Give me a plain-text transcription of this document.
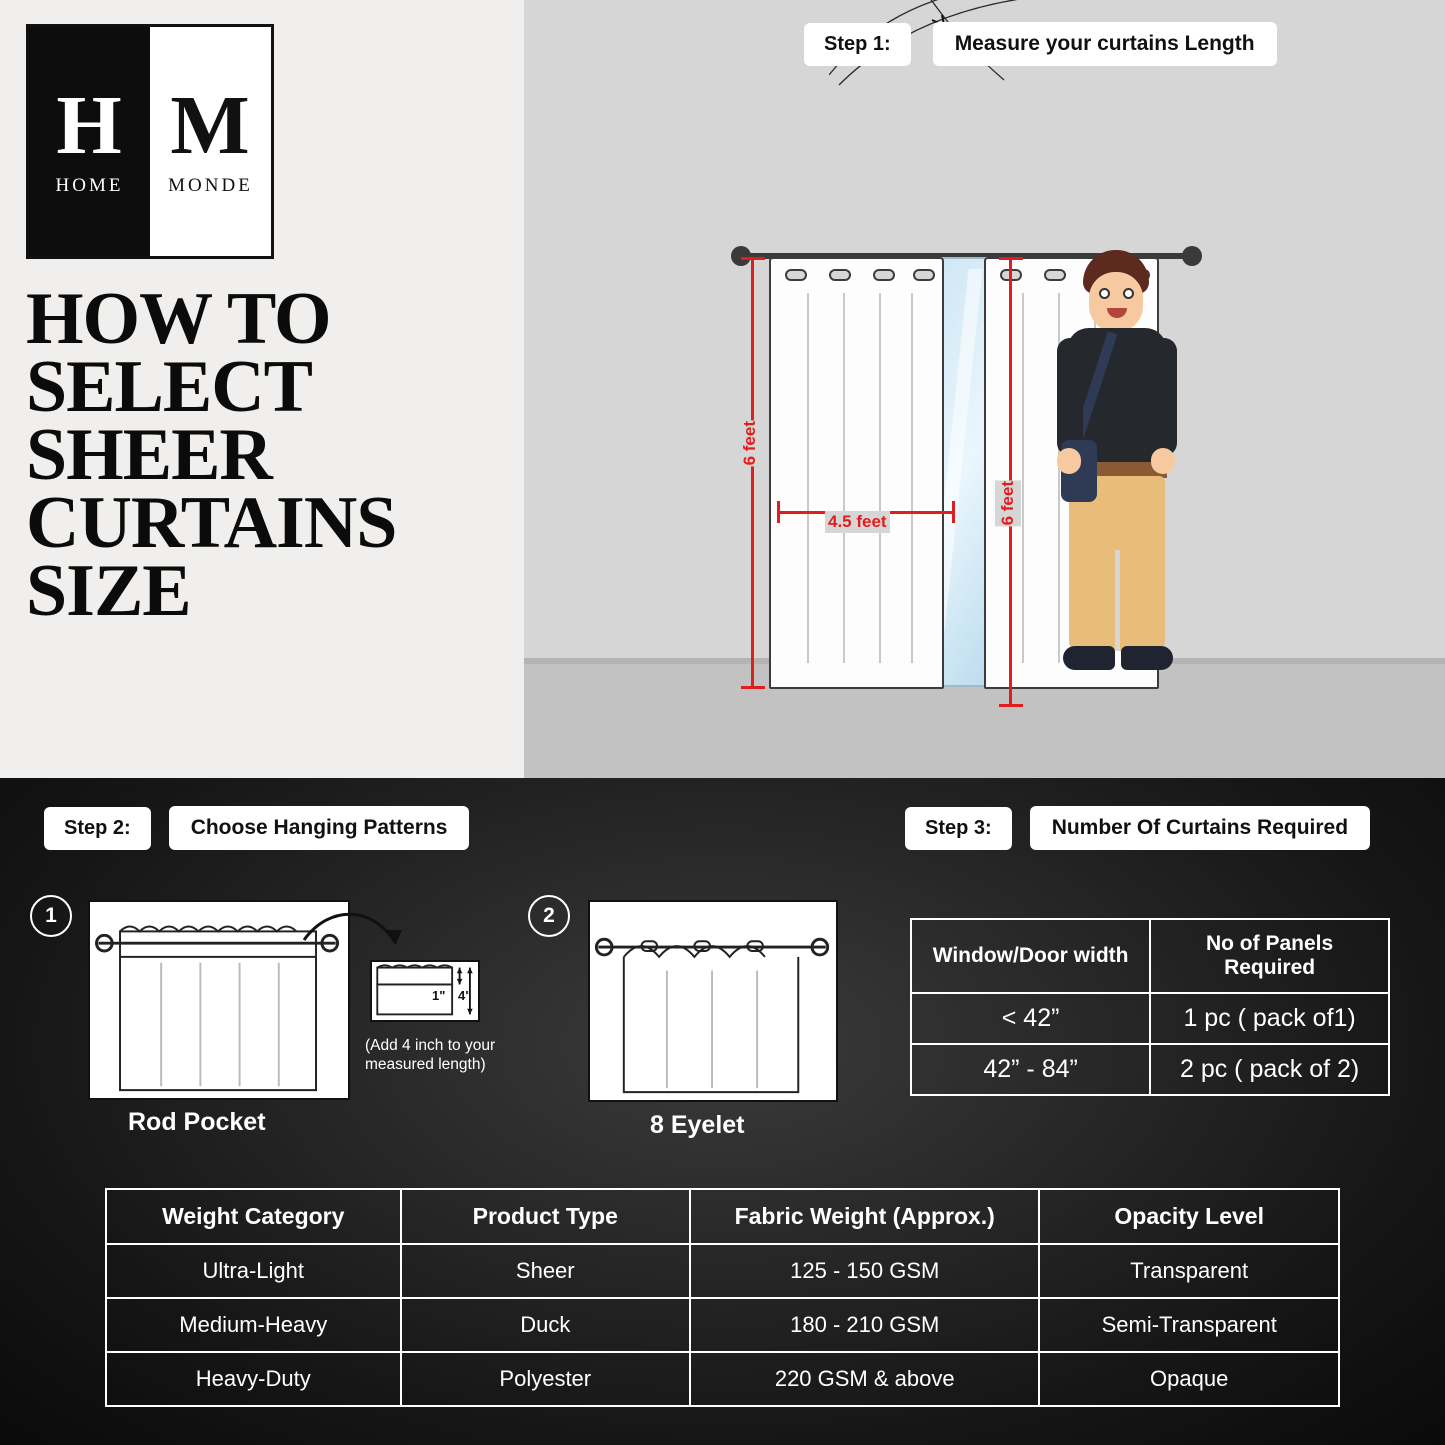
H
HOME
M
MONDE
HOW TO
SELECT
SHEER
CURTAINS
SIZE
Step 1:	Measure your curtains Length
6 feet
4.5 feet	6 feet
Step 2:	Choose Hanging Patterns	Step 3:	Number Of Curtains Required
1
1" 4"
(Add 4 inch to your
measured length)
Rod Pocket
2
8 Eyelet
Window/Door width	No of Panels Required
< 42”	1 pc ( pack of1)
42” - 84”	2 pc ( pack of 2)
Weight Category	Product Type	Fabric Weight (Approx.)	Opacity Level
Ultra-Light	Sheer	125 - 150 GSM	Transparent
Medium-Heavy	Duck	180 - 210 GSM	Semi-Transparent
Heavy-Duty	Polyester	220 GSM & above	Opaque
